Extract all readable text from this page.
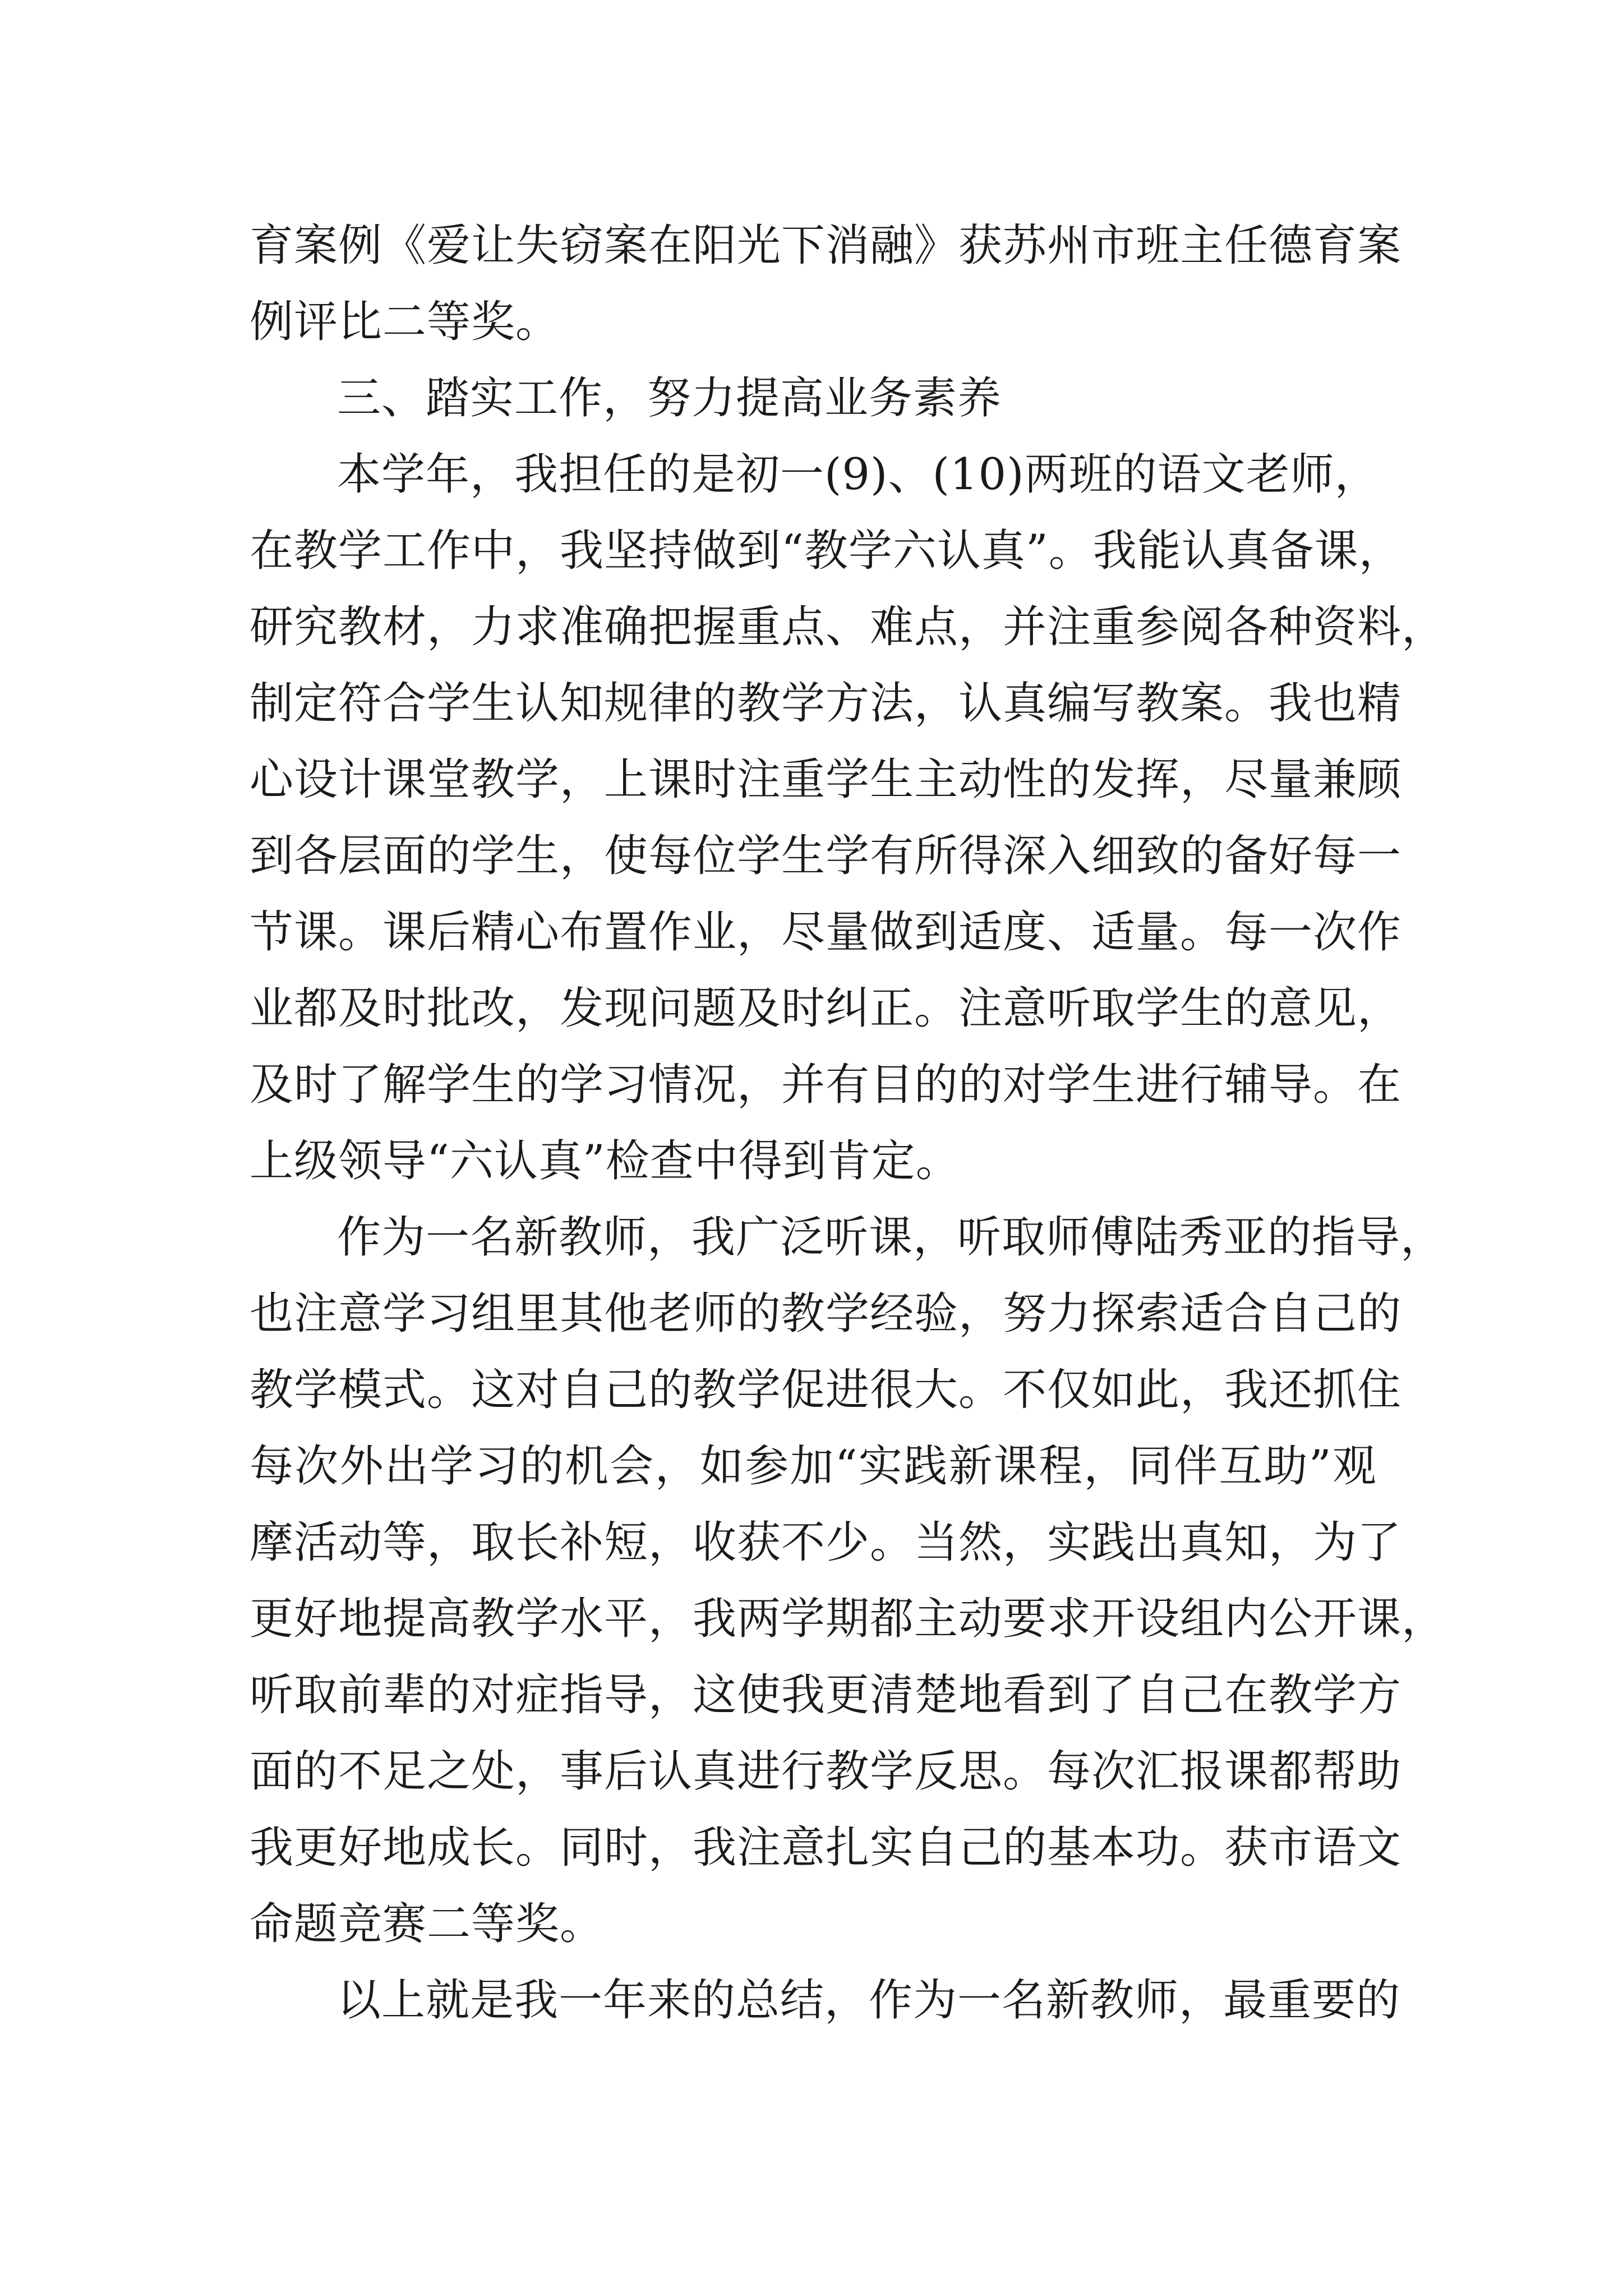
育案例《爱让失窃案在阳光下消融》获苏州市班主任德育案
例评比二等奖。
三、踏实工作，努力提高业务素养
本学年，我担任的是初一(9)、(10)两班的语文老师，
在教学工作中，我坚持做到“教学六认真”。我能认真备课，
研究教材，力求准确把握重点、难点，并注重参阅各种资料，
制定符合学生认知规律的教学方法，认真编写教案。我也精
心设计课堂教学，上课时注重学生主动性的发挥，尽量兼顾
到各层面的学生，使每位学生学有所得深入细致的备好每一
节课。课后精心布置作业，尽量做到适度、适量。每一次作
业都及时批改，发现问题及时纠正。注意听取学生的意见，
及时了解学生的学习情况，并有目的的对学生进行辅导。在
上级领导“六认真”检查中得到肯定。
作为一名新教师，我广泛听课，听取师傅陆秀亚的指导，
也注意学习组里其他老师的教学经验，努力探索适合自己的
教学模式。这对自己的教学促进很大。不仅如此，我还抓住
每次外出学习的机会，如参加“实践新课程，同伴互助”观
摩活动等，取长补短，收获不少。当然，实践出真知，为了
更好地提高教学水平，我两学期都主动要求开设组内公开课，
听取前辈的对症指导，这使我更清楚地看到了自己在教学方
面的不足之处，事后认真进行教学反思。每次汇报课都帮助
我更好地成长。同时，我注意扎实自己的基本功。获市语文
命题竞赛二等奖。
以上就是我一年来的总结，作为一名新教师，最重要的
